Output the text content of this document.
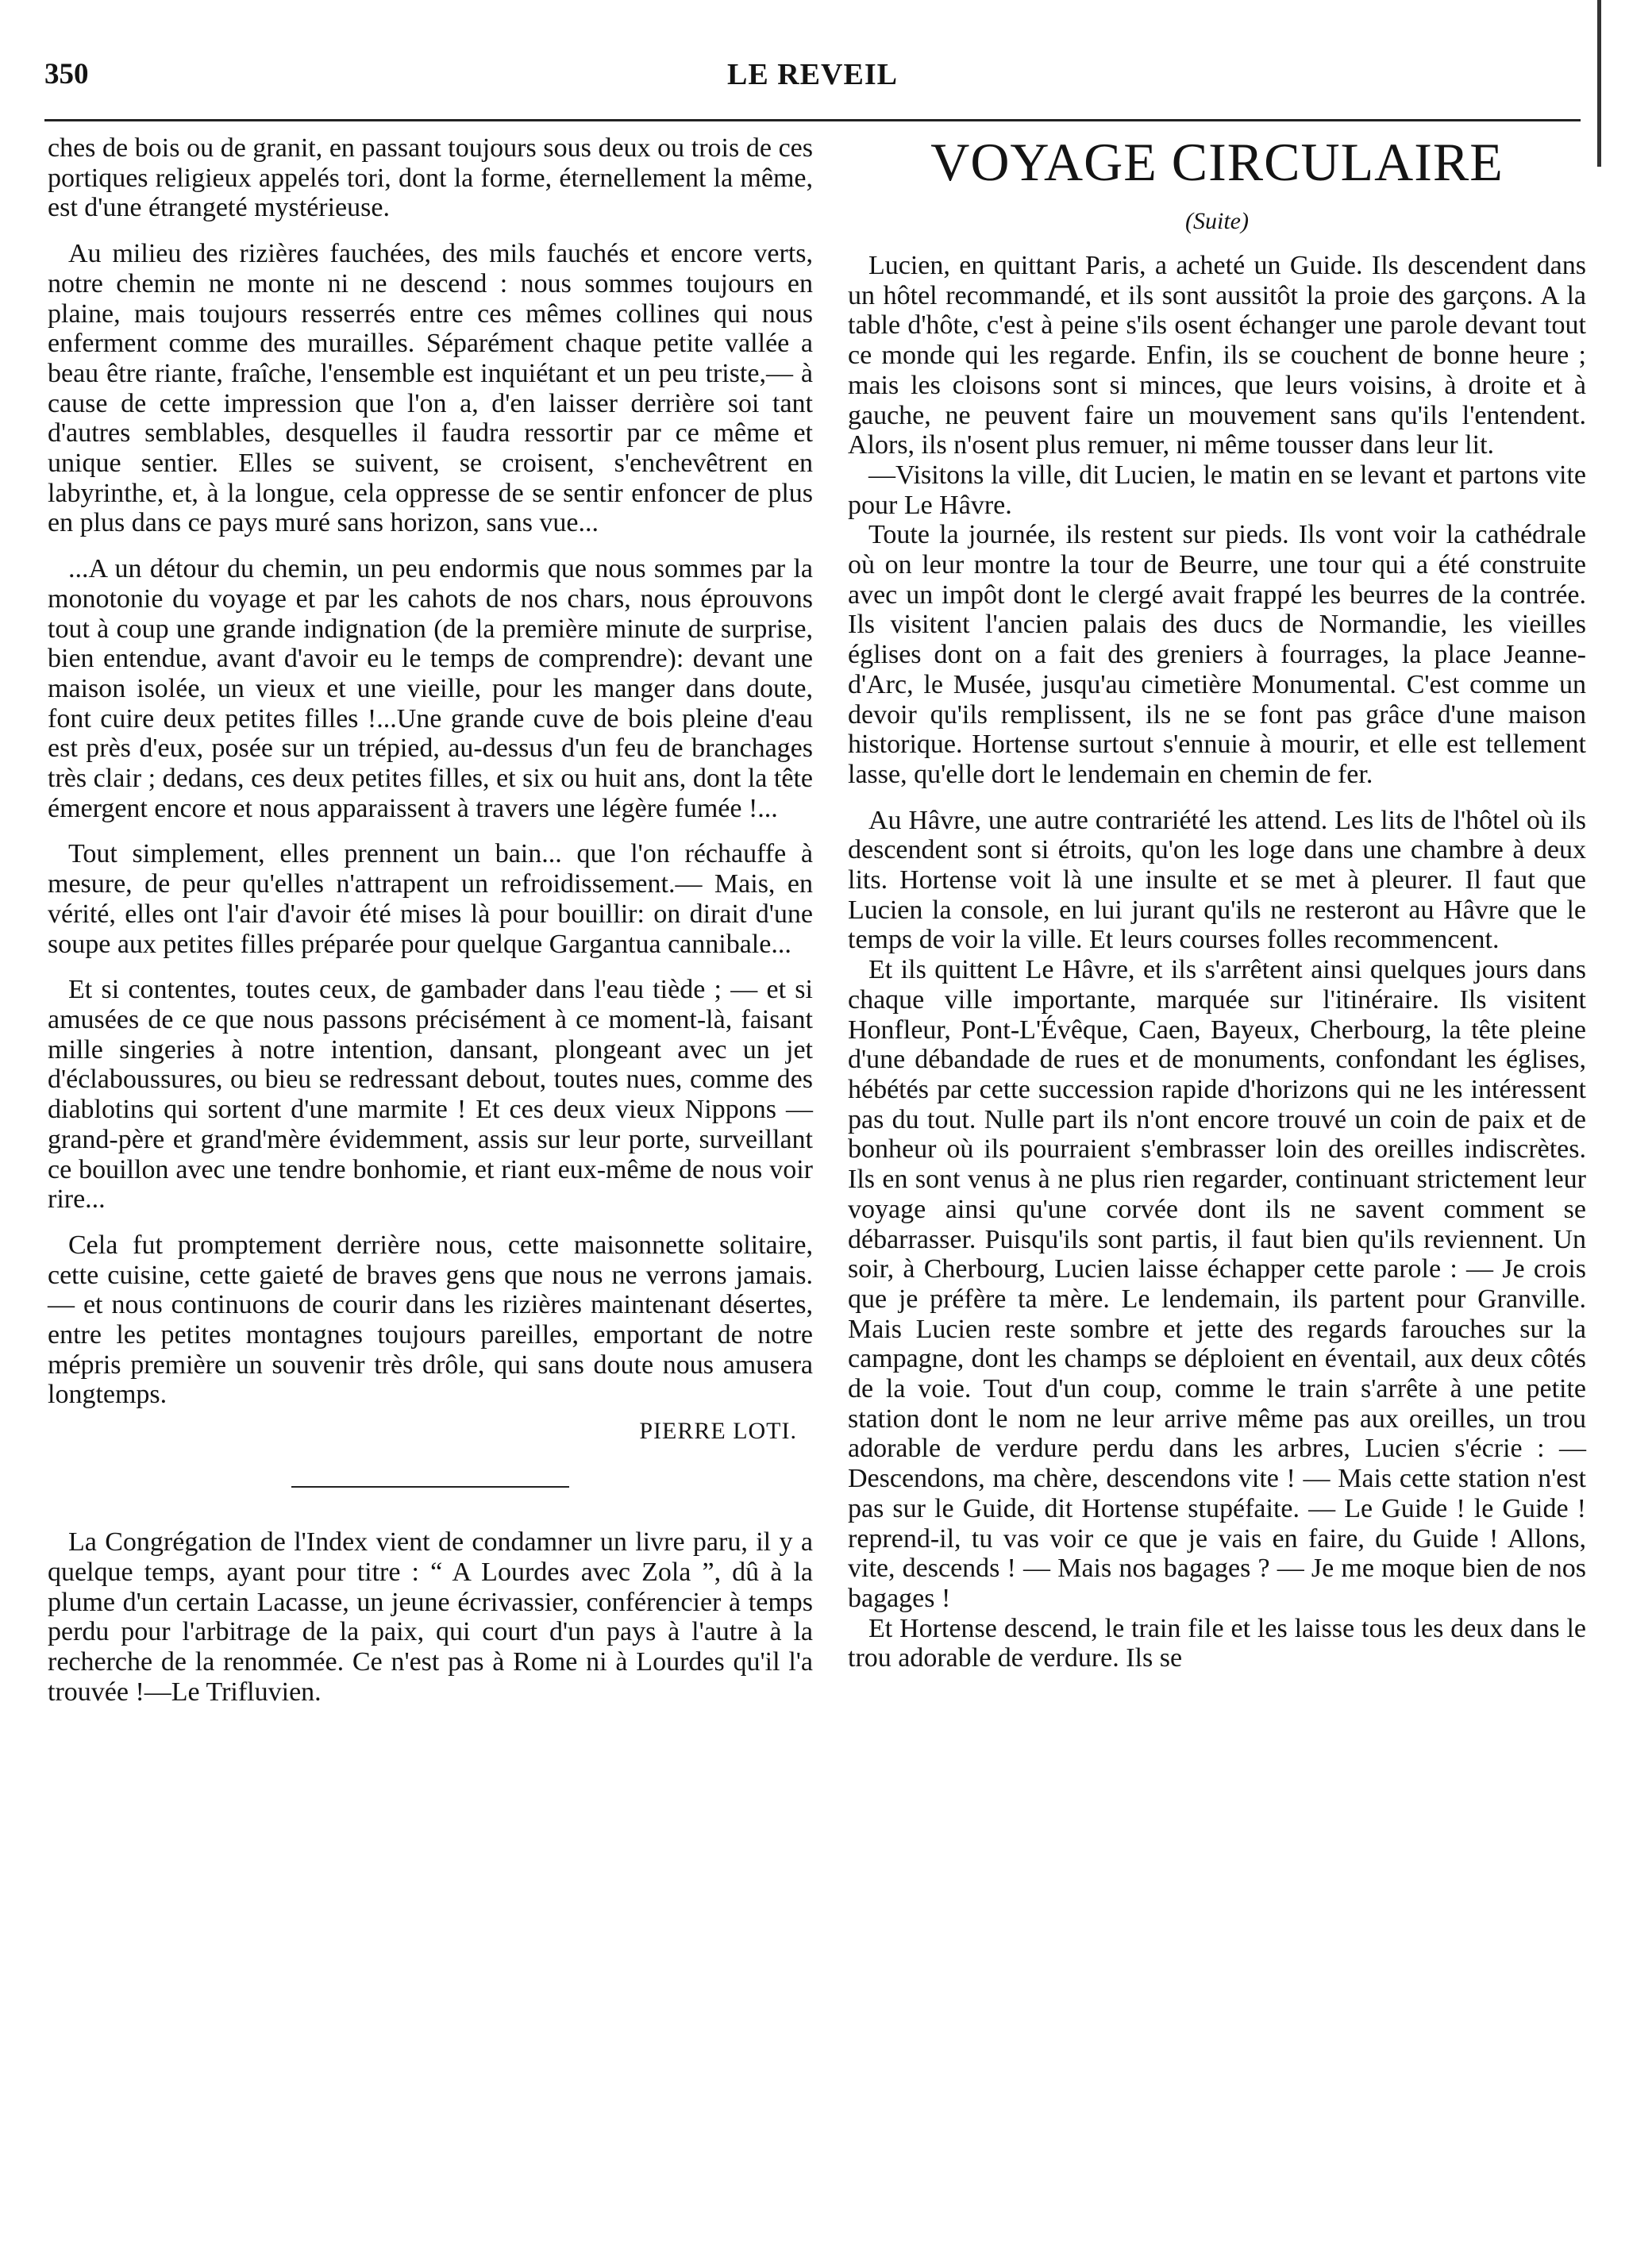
350	LE REVEIL

ches de bois ou de granit, en passant toujours sous deux ou trois de ces portiques religieux appelés tori, dont la forme, éternellement la même, est d'une étrangeté mystérieuse.

Au milieu des rizières fauchées, des mils fauchés et encore verts, notre chemin ne monte ni ne descend : nous sommes toujours en plaine, mais toujours resserrés entre ces mêmes collines qui nous enferment comme des murailles. Séparément chaque petite vallée a beau être riante, fraîche, l'ensemble est inquiétant et un peu triste,— à cause de cette impression que l'on a, d'en laisser derrière soi tant d'autres semblables, desquelles il faudra ressortir par ce même et unique sentier. Elles se suivent, se croisent, s'enchevêtrent en labyrinthe, et, à la longue, cela oppresse de se sentir enfoncer de plus en plus dans ce pays muré sans horizon, sans vue...

...A un détour du chemin, un peu endormis que nous sommes par la monotonie du voyage et par les cahots de nos chars, nous éprouvons tout à coup une grande indignation (de la première minute de surprise, bien entendue, avant d'avoir eu le temps de comprendre): devant une maison isolée, un vieux et une vieille, pour les manger dans doute, font cuire deux petites filles !...Une grande cuve de bois pleine d'eau est près d'eux, posée sur un trépied, au-dessus d'un feu de branchages très clair ; dedans, ces deux petites filles, et six ou huit ans, dont la tête émergent encore et nous apparaissent à travers une légère fumée !...

Tout simplement, elles prennent un bain... que l'on réchauffe à mesure, de peur qu'elles n'attrapent un refroidissement.— Mais, en vérité, elles ont l'air d'avoir été mises là pour bouillir: on dirait d'une soupe aux petites filles préparée pour quelque Gargantua cannibale...

Et si contentes, toutes ceux, de gambader dans l'eau tiède ; — et si amusées de ce que nous passons précisément à ce moment-là, faisant mille singeries à notre intention, dansant, plongeant avec un jet d'éclaboussures, ou bieu se redressant debout, toutes nues, comme des diablotins qui sortent d'une marmite ! Et ces deux vieux Nippons — grand-père et grand'mère évidemment, assis sur leur porte, surveillant ce bouillon avec une tendre bonhomie, et riant eux-même de nous voir rire...

Cela fut promptement derrière nous, cette maisonnette solitaire, cette cuisine, cette gaieté de braves gens que nous ne verrons jamais.— et nous continuons de courir dans les rizières maintenant désertes, entre les petites montagnes toujours pareilles, emportant de notre mépris première un souvenir très drôle, qui sans doute nous amusera longtemps.

PIERRE LOTI.

La Congrégation de l'Index vient de condamner un livre paru, il y a quelque temps, ayant pour titre : “ A Lourdes avec Zola ”, dû à la plume d'un certain Lacasse, un jeune écrivassier, conférencier à temps perdu pour l'arbitrage de la paix, qui court d'un pays à l'autre à la recherche de la renommée. Ce n'est pas à Rome ni à Lourdes qu'il l'a trouvée !—Le Trifluvien.

VOYAGE CIRCULAIRE
(Suite)

Lucien, en quittant Paris, a acheté un Guide. Ils descendent dans un hôtel recommandé, et ils sont aussitôt la proie des garçons. A la table d'hôte, c'est à peine s'ils osent échanger une parole devant tout ce monde qui les regarde. Enfin, ils se couchent de bonne heure ; mais les cloisons sont si minces, que leurs voisins, à droite et à gauche, ne peuvent faire un mouvement sans qu'ils l'entendent. Alors, ils n'osent plus remuer, ni même tousser dans leur lit.

—Visitons la ville, dit Lucien, le matin en se levant et partons vite pour Le Hâvre.

Toute la journée, ils restent sur pieds. Ils vont voir la cathédrale où on leur montre la tour de Beurre, une tour qui a été construite avec un impôt dont le clergé avait frappé les beurres de la contrée. Ils visitent l'ancien palais des ducs de Normandie, les vieilles églises dont on a fait des greniers à fourrages, la place Jeanne-d'Arc, le Musée, jusqu'au cimetière Monumental. C'est comme un devoir qu'ils remplissent, ils ne se font pas grâce d'une maison historique. Hortense surtout s'ennuie à mourir, et elle est tellement lasse, qu'elle dort le lendemain en chemin de fer.

Au Hâvre, une autre contrariété les attend. Les lits de l'hôtel où ils descendent sont si étroits, qu'on les loge dans une chambre à deux lits. Hortense voit là une insulte et se met à pleurer. Il faut que Lucien la console, en lui jurant qu'ils ne resteront au Hâvre que le temps de voir la ville. Et leurs courses folles recommencent.

Et ils quittent Le Hâvre, et ils s'arrêtent ainsi quelques jours dans chaque ville importante, marquée sur l'itinéraire. Ils visitent Honfleur, Pont-L'Évêque, Caen, Bayeux, Cherbourg, la tête pleine d'une débandade de rues et de monuments, confondant les églises, hébétés par cette succession rapide d'horizons qui ne les intéressent pas du tout. Nulle part ils n'ont encore trouvé un coin de paix et de bonheur où ils pourraient s'embrasser loin des oreilles indiscrètes. Ils en sont venus à ne plus rien regarder, continuant strictement leur voyage ainsi qu'une corvée dont ils ne savent comment se débarrasser. Puisqu'ils sont partis, il faut bien qu'ils reviennent. Un soir, à Cherbourg, Lucien laisse échapper cette parole : — Je crois que je préfère ta mère. Le lendemain, ils partent pour Granville. Mais Lucien reste sombre et jette des regards farouches sur la campagne, dont les champs se déploient en éventail, aux deux côtés de la voie. Tout d'un coup, comme le train s'arrête à une petite station dont le nom ne leur arrive même pas aux oreilles, un trou adorable de verdure perdu dans les arbres, Lucien s'écrie : — Descendons, ma chère, descendons vite ! — Mais cette station n'est pas sur le Guide, dit Hortense stupéfaite. — Le Guide ! le Guide ! reprend-il, tu vas voir ce que je vais en faire, du Guide ! Allons, vite, descends ! — Mais nos bagages ? — Je me moque bien de nos bagages !

Et Hortense descend, le train file et les laisse tous les deux dans le trou adorable de verdure. Ils se
